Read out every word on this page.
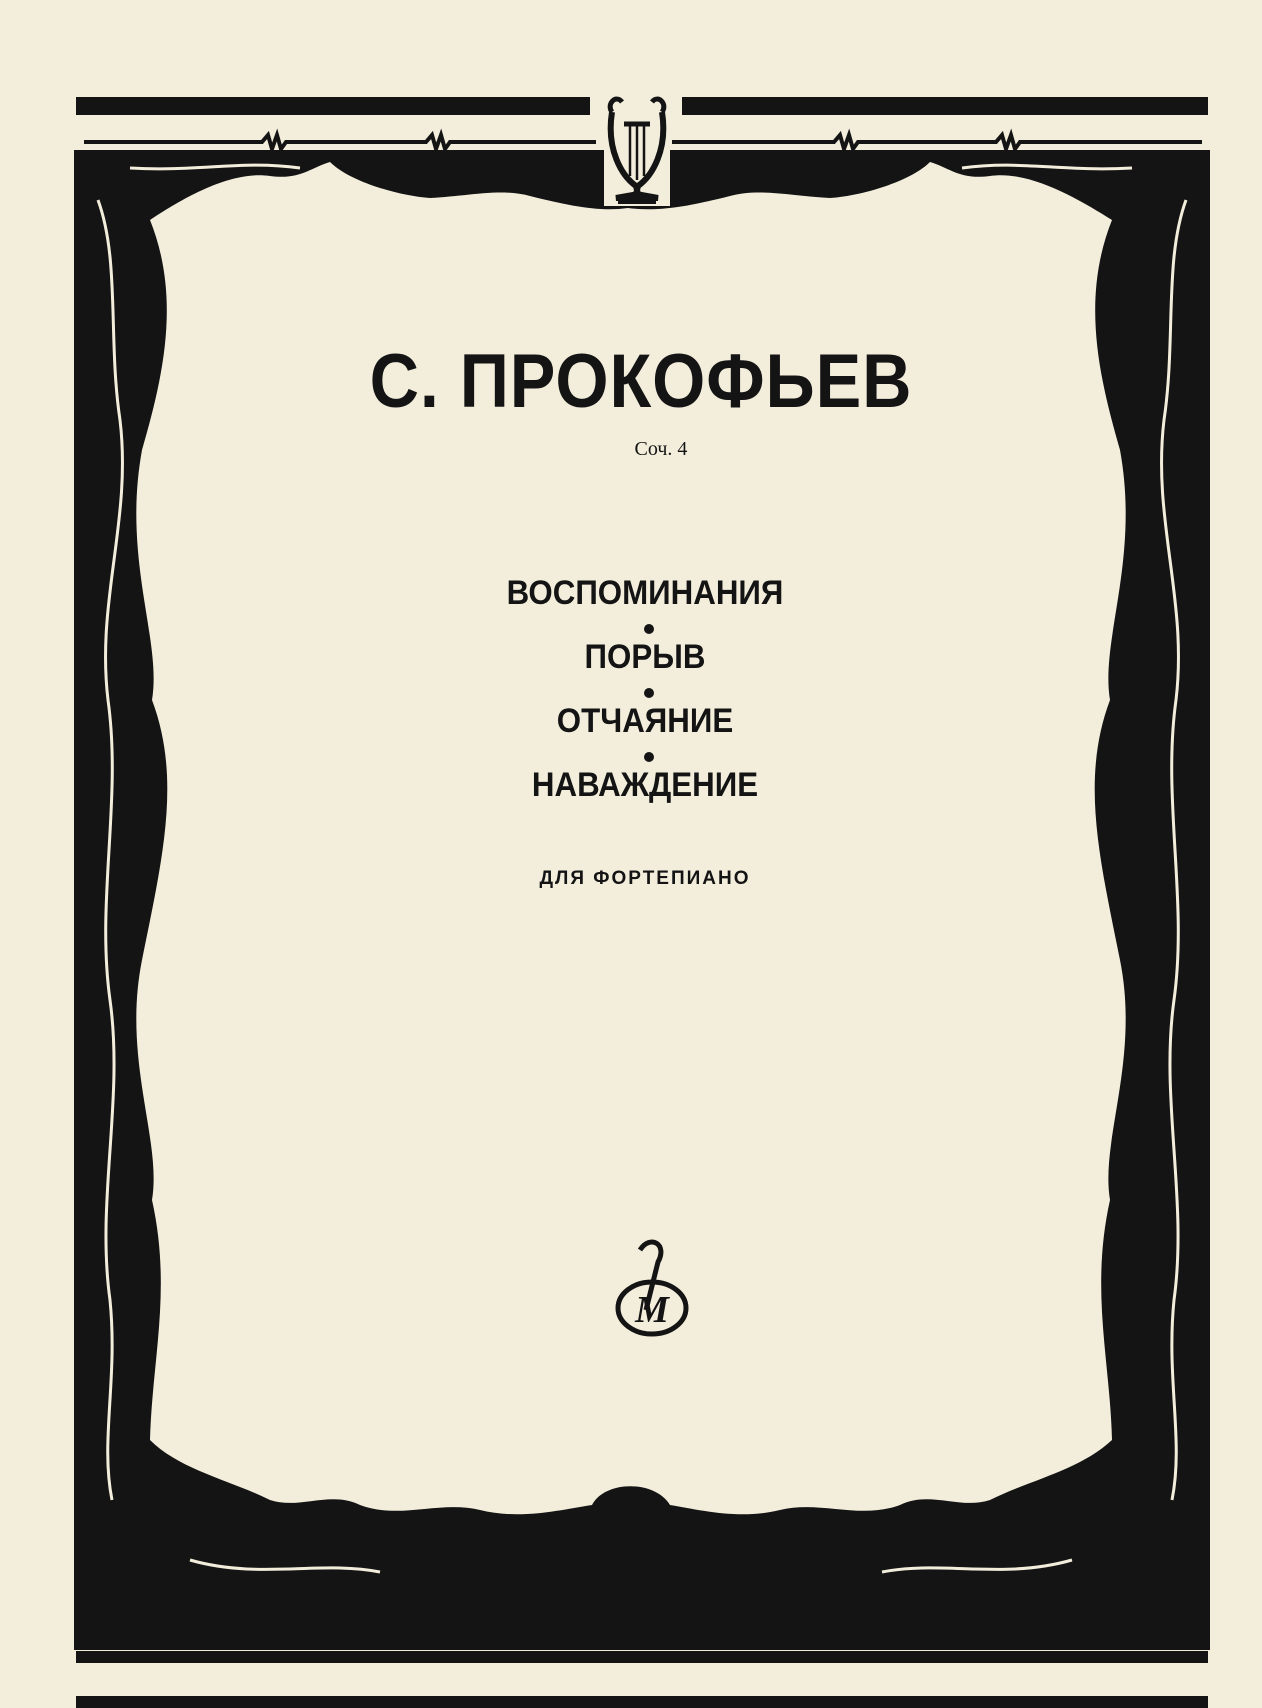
М

С. ПРОКОФЬЕВ

Соч. 4

ВОСПОМИНАНИЯ

ПОРЫВ

ОТЧАЯНИЕ

НАВАЖДЕНИЕ

ДЛЯ ФОРТЕПИАНО

ИЗДАТЕЛЬСТВО «МУЗЫКА»

МОСКВА 1982
